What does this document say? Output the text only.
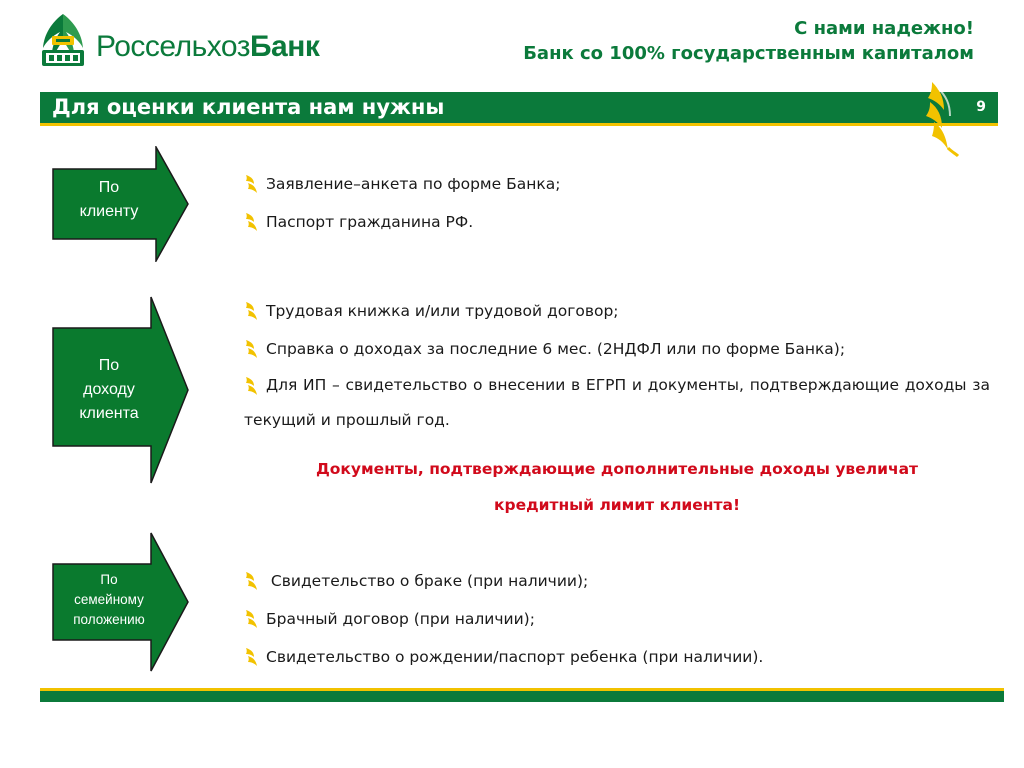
РоссельхозБанк
С нами надежно!
Банк со 100% государственным капиталом
Для оценки клиента нам нужны	9
По
клиенту
Заявление–анкета по форме Банка;
Паспорт гражданина РФ.
По
доходу
клиента
Трудовая книжка и/или трудовой договор;
Справка о доходах за последние 6 мес. (2НДФЛ или по форме Банка);
Для ИП – свидетельство о внесении в ЕГРП и документы, подтверждающие доходы за текущий и прошлый год.
Документы, подтверждающие дополнительные доходы увеличат
кредитный лимит клиента!
По
семейному
положению
Свидетельство о браке (при наличии);
Брачный договор (при наличии);
Свидетельство о рождении/паспорт ребенка (при наличии).
